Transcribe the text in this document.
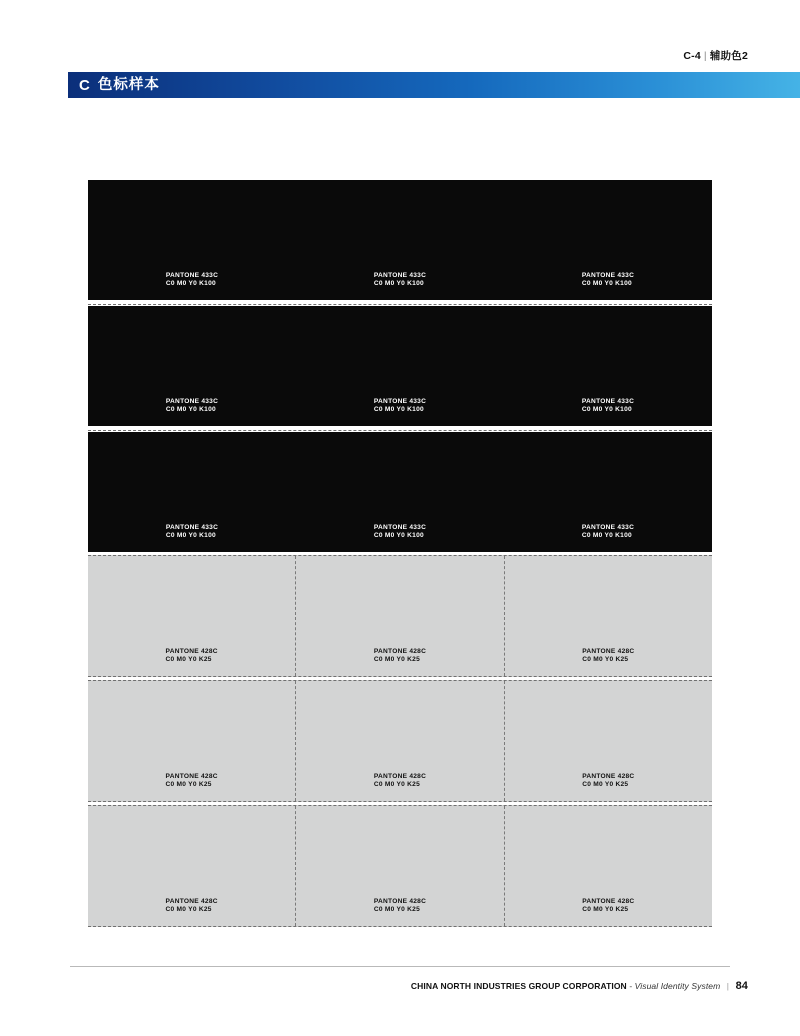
C-4 | 辅助色2
C 色标样本
PANTONE 433C
C0 M0 Y0 K100
PANTONE 433C
C0 M0 Y0 K100
PANTONE 433C
C0 M0 Y0 K100
PANTONE 433C
C0 M0 Y0 K100
PANTONE 433C
C0 M0 Y0 K100
PANTONE 433C
C0 M0 Y0 K100
PANTONE 433C
C0 M0 Y0 K100
PANTONE 433C
C0 M0 Y0 K100
PANTONE 433C
C0 M0 Y0 K100
PANTONE 428C
C0 M0 Y0 K25
PANTONE 428C
C0 M0 Y0 K25
PANTONE 428C
C0 M0 Y0 K25
PANTONE 428C
C0 M0 Y0 K25
PANTONE 428C
C0 M0 Y0 K25
PANTONE 428C
C0 M0 Y0 K25
PANTONE 428C
C0 M0 Y0 K25
PANTONE 428C
C0 M0 Y0 K25
PANTONE 428C
C0 M0 Y0 K25
CHINA NORTH INDUSTRIES GROUP CORPORATION - Visual Identity System | 84
